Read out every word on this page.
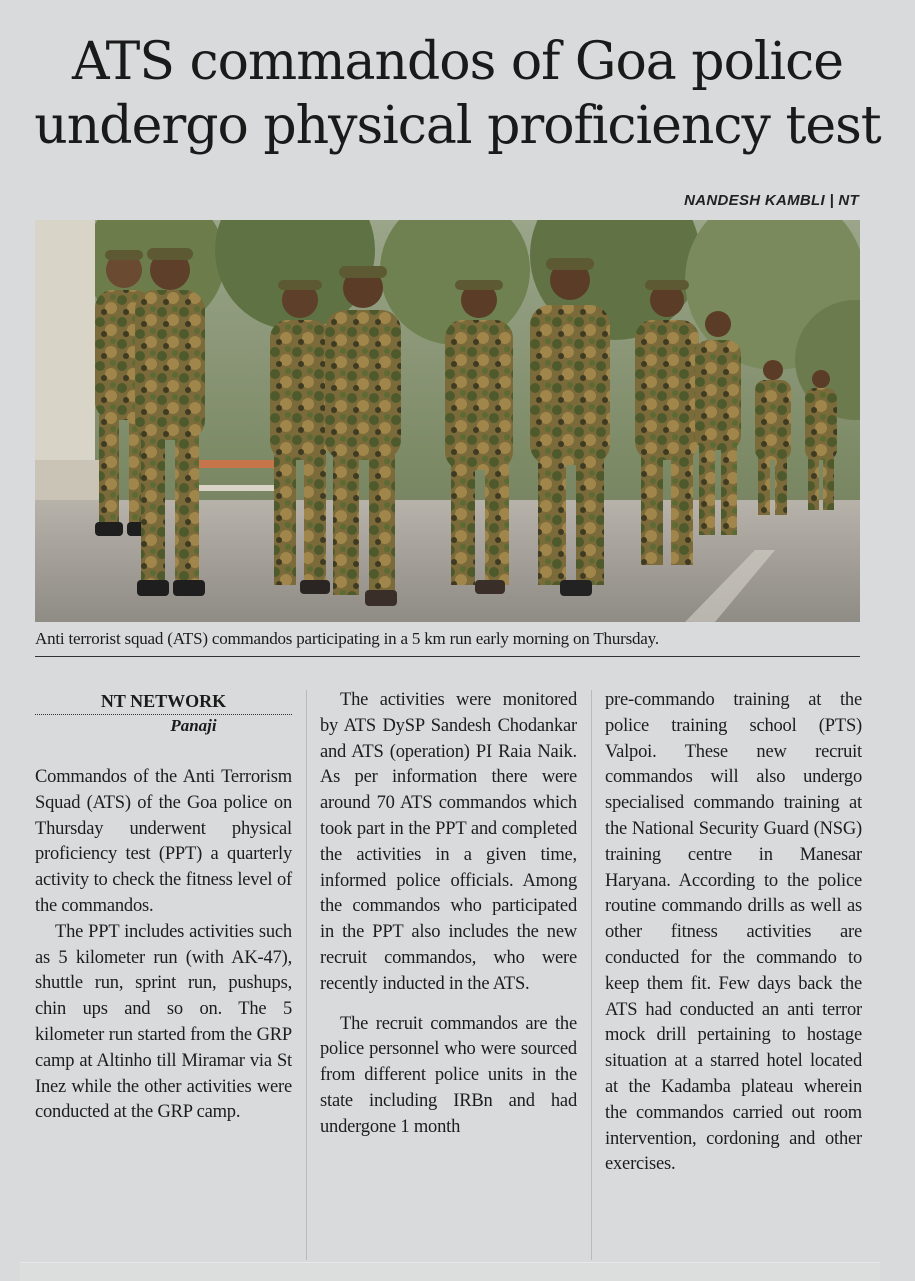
ATS commandos of Goa police
undergo physical proficiency test
NANDESH KAMBLI | NT
Anti terrorist squad (ATS) commandos participating in a 5 km run early morning on Thursday.
NT NETWORK
Panaji

Commandos of the Anti Terrorism Squad (ATS) of the Goa police on Thursday underwent physical proficiency test (PPT) a quarterly activity to check the fitness level of the commandos.

The PPT includes activities such as 5 kilometer run (with AK-47), shuttle run, sprint run, pushups, chin ups and so on. The 5 kilometer run started from the GRP camp at Altinho till Miramar via St Inez while the other activities were conducted at the GRP camp.

The activities were monitored by ATS DySP Sandesh Chodankar and ATS (operation) PI Raia Naik. As per information there were around 70 ATS commandos which took part in the PPT and completed the activities in a given time, informed police officials. Among the commandos who participated in the PPT also includes the new recruit commandos, who were recently inducted in the ATS.

The recruit commandos are the police personnel who were sourced from different police units in the state including IRBn and had undergone 1 month

pre-commando training at the police training school (PTS) Valpoi. These new recruit commandos will also undergo specialised commando training at the National Security Guard (NSG) training centre in Manesar Haryana. According to the police routine commando drills as well as other fitness activities are conducted for the commando to keep them fit. Few days back the ATS had conducted an anti terror mock drill pertaining to hostage situation at a starred hotel located at the Kadamba plateau wherein the commandos carried out room intervention, cordoning and other exercises.
